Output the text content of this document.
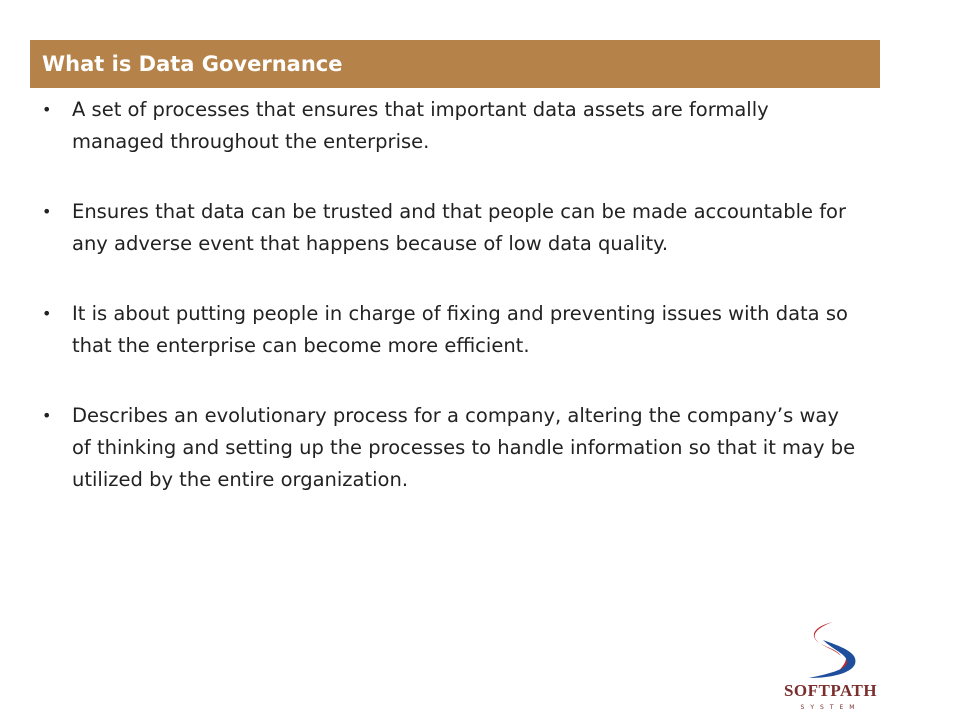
What is Data Governance
• A set of processes that ensures that important data assets are formally managed throughout the enterprise.
• Ensures that data can be trusted and that people can be made accountable for any adverse event that happens because of low data quality.
• It is about putting people in charge of fixing and preventing issues with data so that the enterprise can become more efficient.
• Describes an evolutionary process for a company, altering the company’s way of thinking and setting up the processes to handle information so that it may be utilized by the entire organization.
SOFTPATH
SYSTEM
